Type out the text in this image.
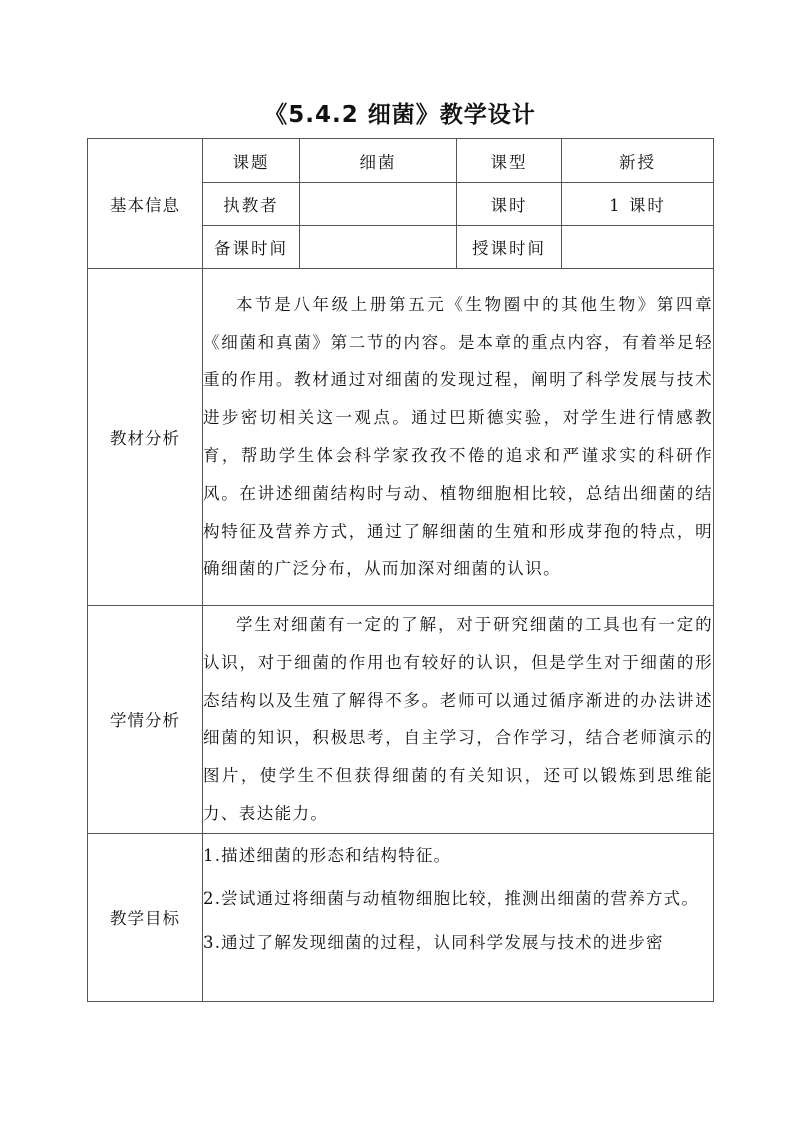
《5.4.2 细菌》教学设计
基本信息	课题	细菌	课型	新授
	执教者		课时	1 课时
	备课时间		授课时间	
教材分析	本节是八年级上册第五元《生物圈中的其他生物》第四章《细菌和真菌》第二节的内容。是本章的重点内容，有着举足轻重的作用。教材通过对细菌的发现过程，阐明了科学发展与技术进步密切相关这一观点。通过巴斯德实验，对学生进行情感教育，帮助学生体会科学家孜孜不倦的追求和严谨求实的科研作风。在讲述细菌结构时与动、植物细胞相比较，总结出细菌的结构特征及营养方式，通过了解细菌的生殖和形成芽孢的特点，明确细菌的广泛分布，从而加深对细菌的认识。			

学情分析	学生对细菌有一定的了解，对于研究细菌的工具也有一定的认识，对于细菌的作用也有较好的认识，但是学生对于细菌的形态结构以及生殖了解得不多。老师可以通过循序渐进的办法讲述细菌的知识，积极思考，自主学习，合作学习，结合老师演示的图片，使学生不但获得细菌的有关知识，还可以锻炼到思维能力、表达能力。			

教学目标	1.描述细菌的形态和结构特征。
2.尝试通过将细菌与动植物细胞比较，推测出细菌的营养方式。
3.通过了解发现细菌的过程，认同科学发展与技术的进步密			
